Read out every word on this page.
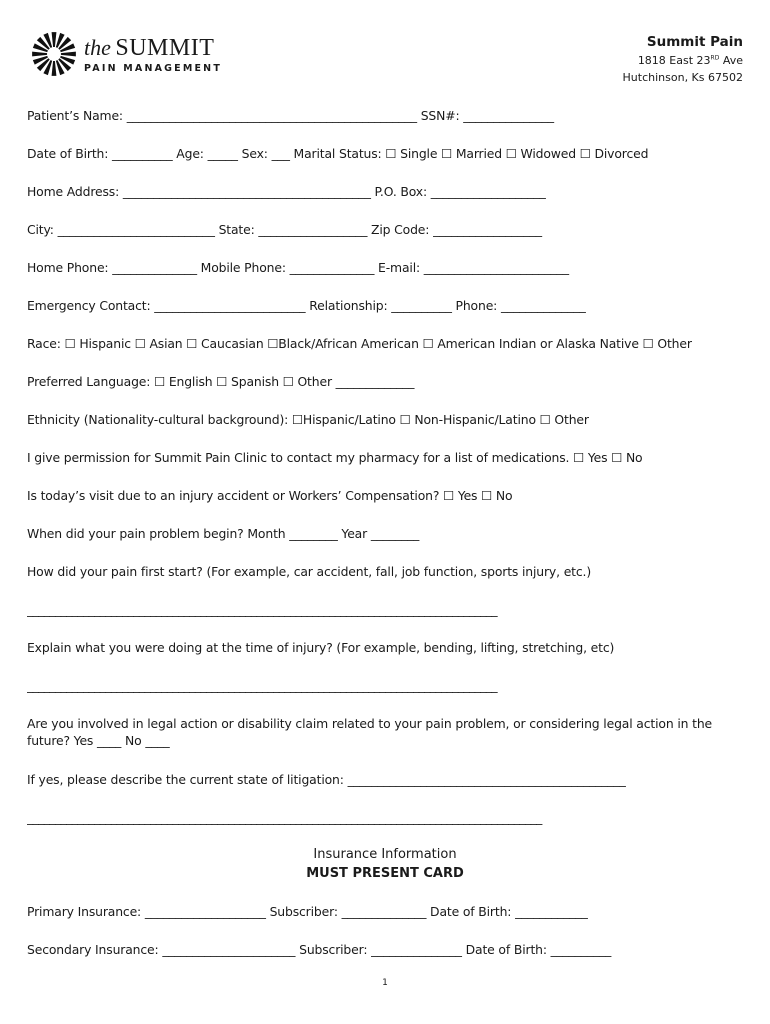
the SUMMIT
PAIN MANAGEMENT
Summit Pain
1818 East 23RD Ave
Hutchinson, Ks 67502
Patient’s Name: ________________________________________________ SSN#: _______________
Date of Birth: __________ Age: _____ Sex: ___ Marital Status: ☐ Single ☐ Married ☐ Widowed ☐ Divorced
Home Address: _________________________________________ P.O. Box: ___________________
City: __________________________ State: __________________ Zip Code: __________________
Home Phone: ______________ Mobile Phone: ______________ E-mail: ________________________
Emergency Contact: _________________________ Relationship: __________ Phone: ______________
Race: ☐ Hispanic ☐ Asian ☐ Caucasian ☐Black/African American ☐ American Indian or Alaska Native ☐ Other
Preferred Language: ☐ English ☐ Spanish ☐ Other _____________
Ethnicity (Nationality-cultural background): ☐Hispanic/Latino ☐ Non-Hispanic/Latino ☐ Other
I give permission for Summit Pain Clinic to contact my pharmacy for a list of medications. ☐ Yes ☐ No
Is today’s visit due to an injury accident or Workers’ Compensation? ☐ Yes ☐ No
When did your pain problem begin? Month ________ Year ________
How did your pain first start? (For example, car accident, fall, job function, sports injury, etc.)
____________________________________________________________________________________
Explain what you were doing at the time of injury? (For example, bending, lifting, stretching, etc)
____________________________________________________________________________________
Are you involved in legal action or disability claim related to your pain problem, or considering legal action in the future? Yes ____ No ____
If yes, please describe the current state of litigation: ______________________________________________
____________________________________________________________________________________________
Insurance Information
MUST PRESENT CARD
Primary Insurance: ____________________ Subscriber: ______________ Date of Birth: ____________
Secondary Insurance: ______________________ Subscriber: _______________ Date of Birth: __________
1
